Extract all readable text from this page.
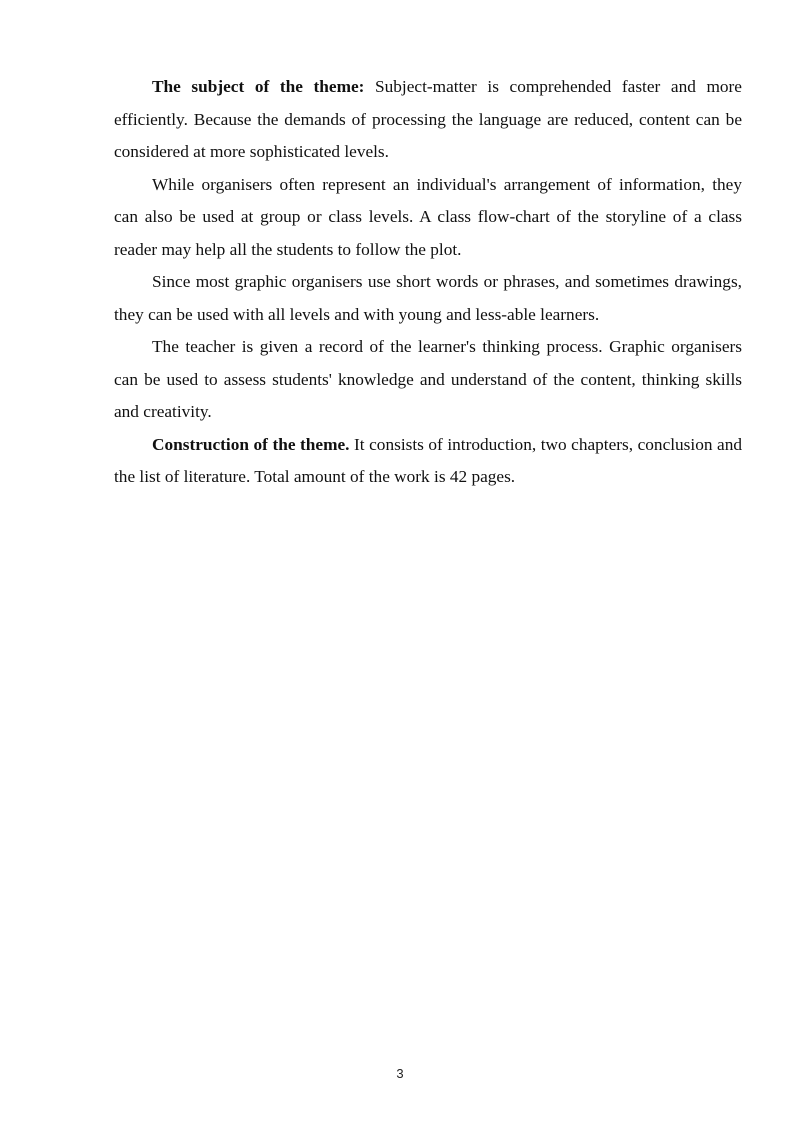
The subject of the theme: Subject-matter is comprehended faster and more efficiently. Because the demands of processing the language are reduced, content can be considered at more sophisticated levels.

While organisers often represent an individual's arrangement of information, they can also be used at group or class levels. A class flow-chart of the storyline of a class reader may help all the students to follow the plot.

Since most graphic organisers use short words or phrases, and sometimes drawings, they can be used with all levels and with young and less-able learners.

The teacher is given a record of the learner's thinking process. Graphic organisers can be used to assess students' knowledge and understand of the content, thinking skills and creativity.

Construction of the theme. It consists of introduction, two chapters, conclusion and the list of literature. Total amount of the work is 42 pages.

3
